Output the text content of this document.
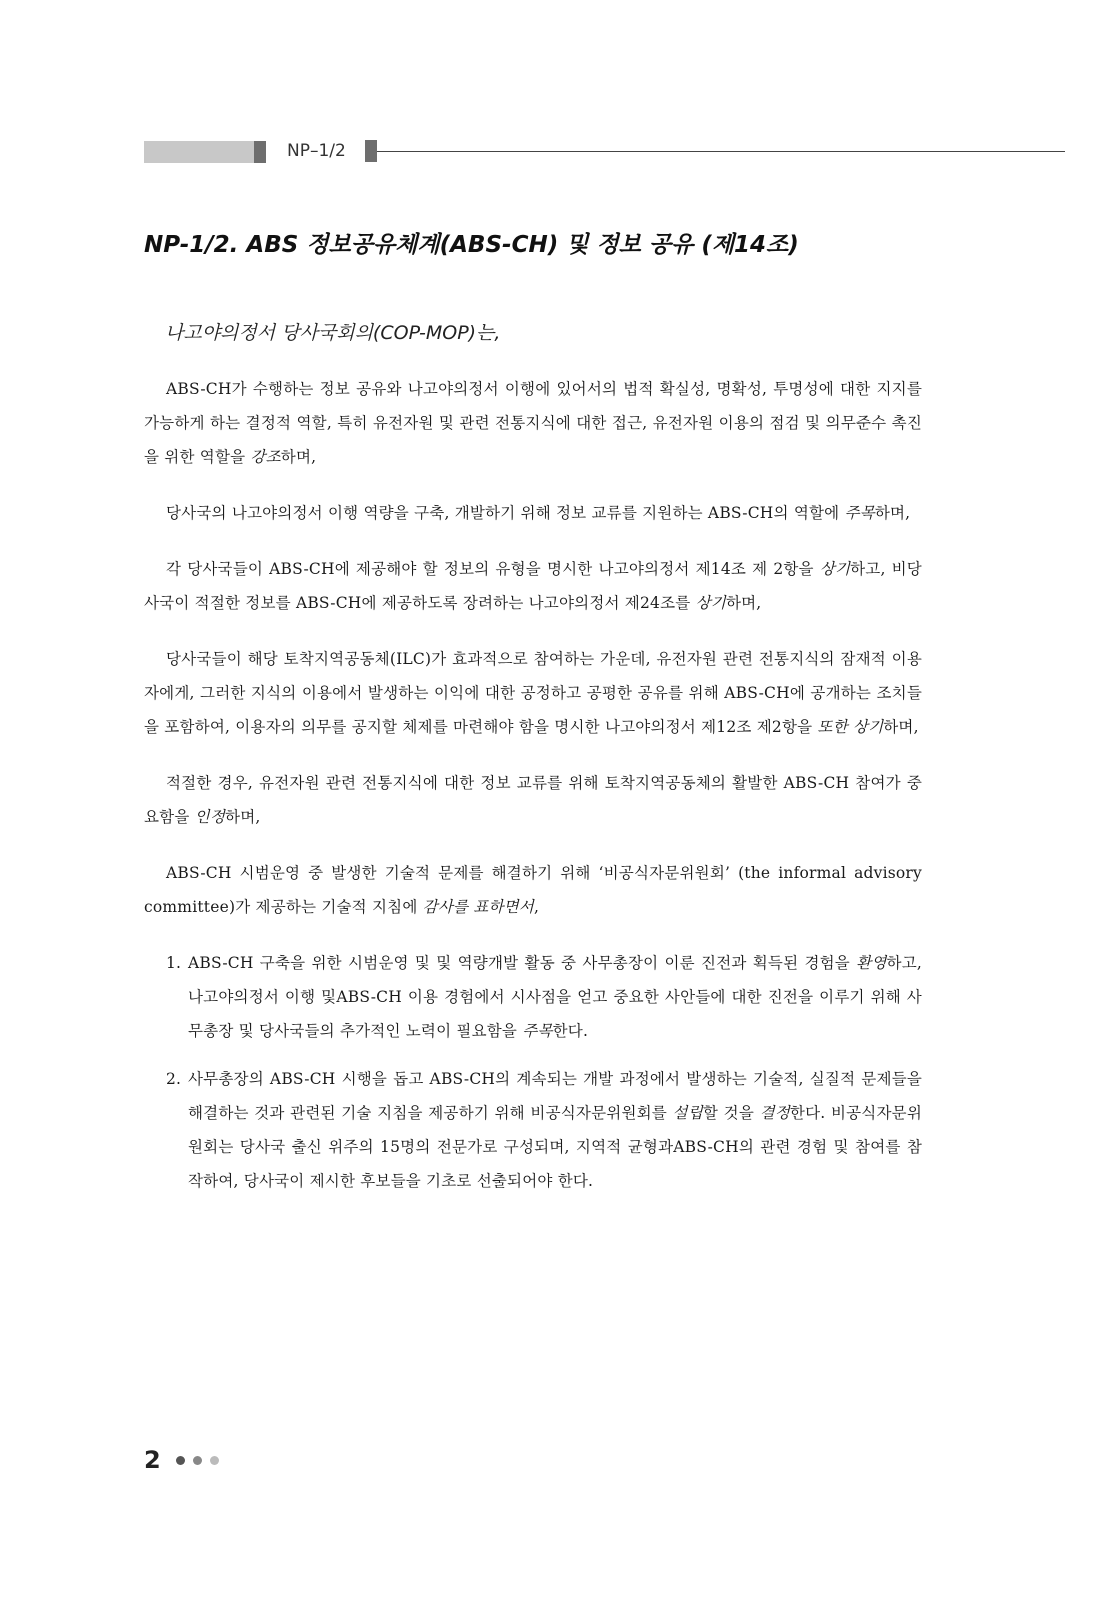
NP–1/2
NP-1/2. ABS 정보공유체계(ABS-CH) 및 정보 공유 (제14조)

나고야의정서 당사국회의(COP-MOP)는,

ABS-CH가 수행하는 정보 공유와 나고야의정서 이행에 있어서의 법적 확실성, 명확성, 투명성에 대한 지지를 가능하게 하는 결정적 역할, 특히 유전자원 및 관련 전통지식에 대한 접근, 유전자원 이용의 점검 및 의무준수 촉진을 위한 역할을 강조하며,

당사국의 나고야의정서 이행 역량을 구축, 개발하기 위해 정보 교류를 지원하는 ABS-CH의 역할에 주목하며,

각 당사국들이 ABS-CH에 제공해야 할 정보의 유형을 명시한 나고야의정서 제14조 제 2항을 상기하고, 비당사국이 적절한 정보를 ABS-CH에 제공하도록 장려하는 나고야의정서 제24조를 상기하며,

당사국들이 해당 토착지역공동체(ILC)가 효과적으로 참여하는 가운데, 유전자원 관련 전통지식의 잠재적 이용자에게, 그러한 지식의 이용에서 발생하는 이익에 대한 공정하고 공평한 공유를 위해 ABS-CH에 공개하는 조치들을 포함하여, 이용자의 의무를 공지할 체제를 마련해야 함을 명시한 나고야의정서 제12조 제2항을 또한 상기하며,

적절한 경우, 유전자원 관련 전통지식에 대한 정보 교류를 위해 토착지역공동체의 활발한 ABS-CH 참여가 중요함을 인정하며,

ABS-CH 시범운영 중 발생한 기술적 문제를 해결하기 위해 ‘비공식자문위원회’ (the informal advisory committee)가 제공하는 기술적 지침에 감사를 표하면서,

1. ABS-CH 구축을 위한 시범운영 및 및 역량개발 활동 중 사무총장이 이룬 진전과 획득된 경험을 환영하고, 나고야의정서 이행 및ABS-CH 이용 경험에서 시사점을 얻고 중요한 사안들에 대한 진전을 이루기 위해 사무총장 및 당사국들의 추가적인 노력이 필요함을 주목한다.
2. 사무총장의 ABS-CH 시행을 돕고 ABS-CH의 계속되는 개발 과정에서 발생하는 기술적, 실질적 문제들을 해결하는 것과 관련된 기술 지침을 제공하기 위해 비공식자문위원회를 설립할 것을 결정한다. 비공식자문위원회는 당사국 출신 위주의 15명의 전문가로 구성되며, 지역적 균형과ABS-CH의 관련 경험 및 참여를 참작하여, 당사국이 제시한 후보들을 기초로 선출되어야 한다.
2
